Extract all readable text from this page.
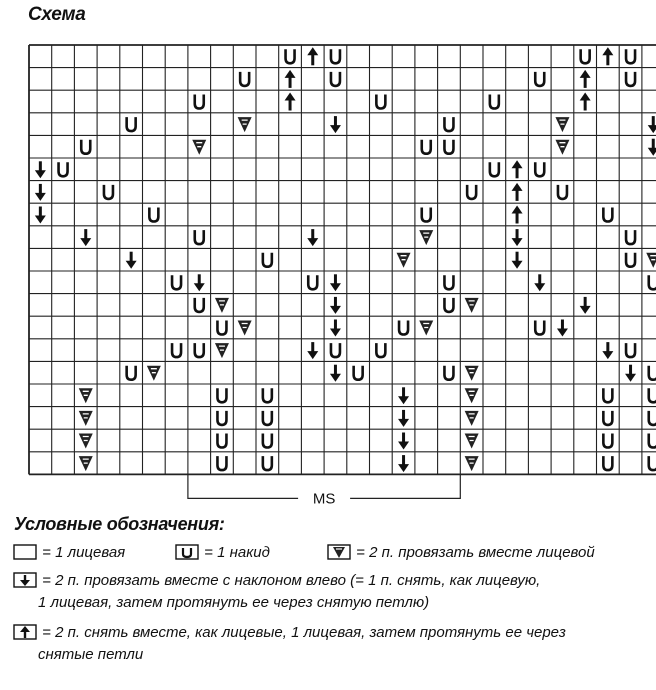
Схема
MS
Условные обозначения:
= 1 лицевая	= 1 накид	= 2 п. провязать вместе лицевой
= 2 п. провязать вместе с наклоном влево (= 1 п. снять, как лицевую,
1 лицевая, затем протянуть ее через снятую петлю)
= 2 п. снять вместе, как лицевые, 1 лицевая, затем протянуть ее через
снятые петли
